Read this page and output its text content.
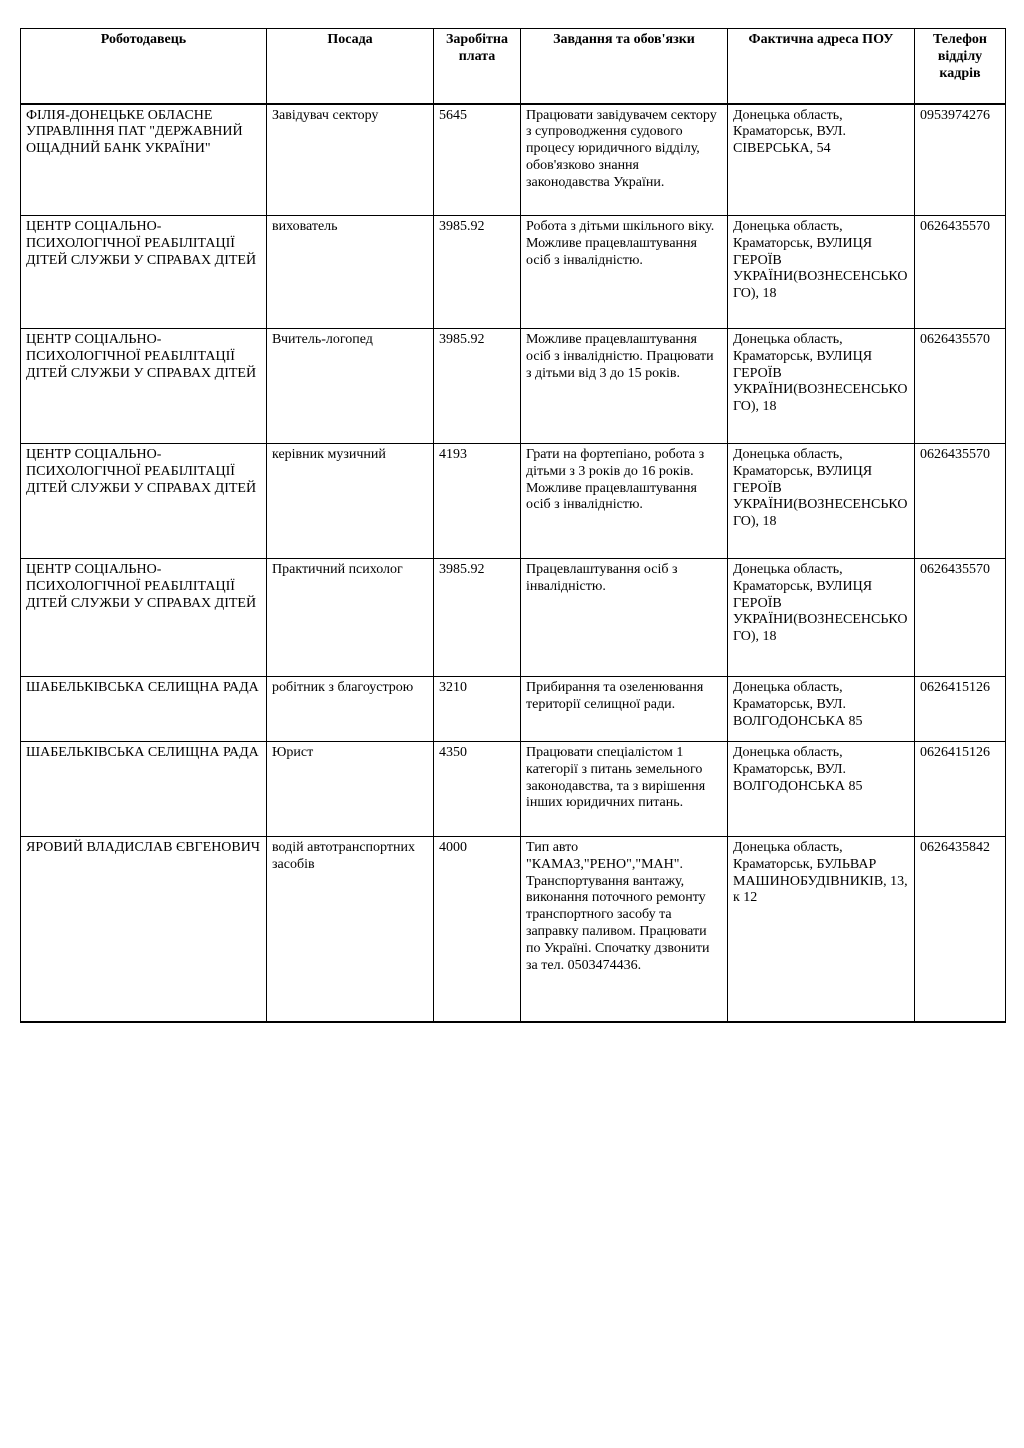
Роботодавець	Посада	Заробітна плата	Завдання та обов'язки	Фактична адреса ПОУ	Телефон відділу кадрів
ФІЛІЯ-ДОНЕЦЬКЕ ОБЛАСНЕ УПРАВЛІННЯ ПАТ "ДЕРЖАВНИЙ ОЩАДНИЙ БАНК УКРАЇНИ"	Завідувач сектору	5645	Працювати завідувачем сектору з супроводження судового процесу юридичного відділу, обов'язково знання законодавства України.	Донецька область, Краматорськ, ВУЛ. СІВЕРСЬКА, 54	0953974276
ЦЕНТР СОЦІАЛЬНО-ПСИХОЛОГІЧНОЇ РЕАБІЛІТАЦІЇ ДІТЕЙ СЛУЖБИ У СПРАВАХ ДІТЕЙ	вихователь	3985.92	Робота з дітьми шкільного віку. Можливе працевлаштування осіб з інвалідністю.	Донецька область, Краматорськ, ВУЛИЦЯ ГЕРОЇВ УКРАЇНИ(ВОЗНЕСЕНСЬКОГО), 18	0626435570
ЦЕНТР СОЦІАЛЬНО-ПСИХОЛОГІЧНОЇ РЕАБІЛІТАЦІЇ ДІТЕЙ СЛУЖБИ У СПРАВАХ ДІТЕЙ	Вчитель-логопед	3985.92	Можливе працевлаштування осіб з інвалідністю. Працювати з дітьми від 3 до 15 років.	Донецька область, Краматорськ, ВУЛИЦЯ ГЕРОЇВ УКРАЇНИ(ВОЗНЕСЕНСЬКОГО), 18	0626435570
ЦЕНТР СОЦІАЛЬНО-ПСИХОЛОГІЧНОЇ РЕАБІЛІТАЦІЇ ДІТЕЙ СЛУЖБИ У СПРАВАХ ДІТЕЙ	керівник музичний	4193	Грати на фортепіано, робота з дітьми з 3 років до 16 років. Можливе працевлаштування осіб з інвалідністю.	Донецька область, Краматорськ, ВУЛИЦЯ ГЕРОЇВ УКРАЇНИ(ВОЗНЕСЕНСЬКОГО), 18	0626435570
ЦЕНТР СОЦІАЛЬНО-ПСИХОЛОГІЧНОЇ РЕАБІЛІТАЦІЇ ДІТЕЙ СЛУЖБИ У СПРАВАХ ДІТЕЙ	Практичний психолог	3985.92	Працевлаштування осіб з інвалідністю.	Донецька область, Краматорськ, ВУЛИЦЯ ГЕРОЇВ УКРАЇНИ(ВОЗНЕСЕНСЬКОГО), 18	0626435570
ШАБЕЛЬКІВСЬКА СЕЛИЩНА РАДА	робітник з благоустрою	3210	Прибирання та озеленювання території селищної ради.	Донецька область, Краматорськ, ВУЛ. ВОЛГОДОНСЬКА 85	0626415126
ШАБЕЛЬКІВСЬКА СЕЛИЩНА РАДА	Юрист	4350	Працювати спеціалістом 1 категорії з питань земельного законодавства, та з вирішення інших юридичних питань.	Донецька область, Краматорськ, ВУЛ. ВОЛГОДОНСЬКА 85	0626415126
ЯРОВИЙ ВЛАДИСЛАВ ЄВГЕНОВИЧ	водій автотранспортних засобів	4000	Тип авто "КАМАЗ,"РЕНО","МАН". Транспортування вантажу, виконання поточного ремонту транспортного засобу та заправку паливом. Працювати по Україні. Спочатку дзвонити за тел. 0503474436.	Донецька область, Краматорськ, БУЛЬВАР МАШИНОБУДІВНИКІВ, 13, к 12	0626435842
